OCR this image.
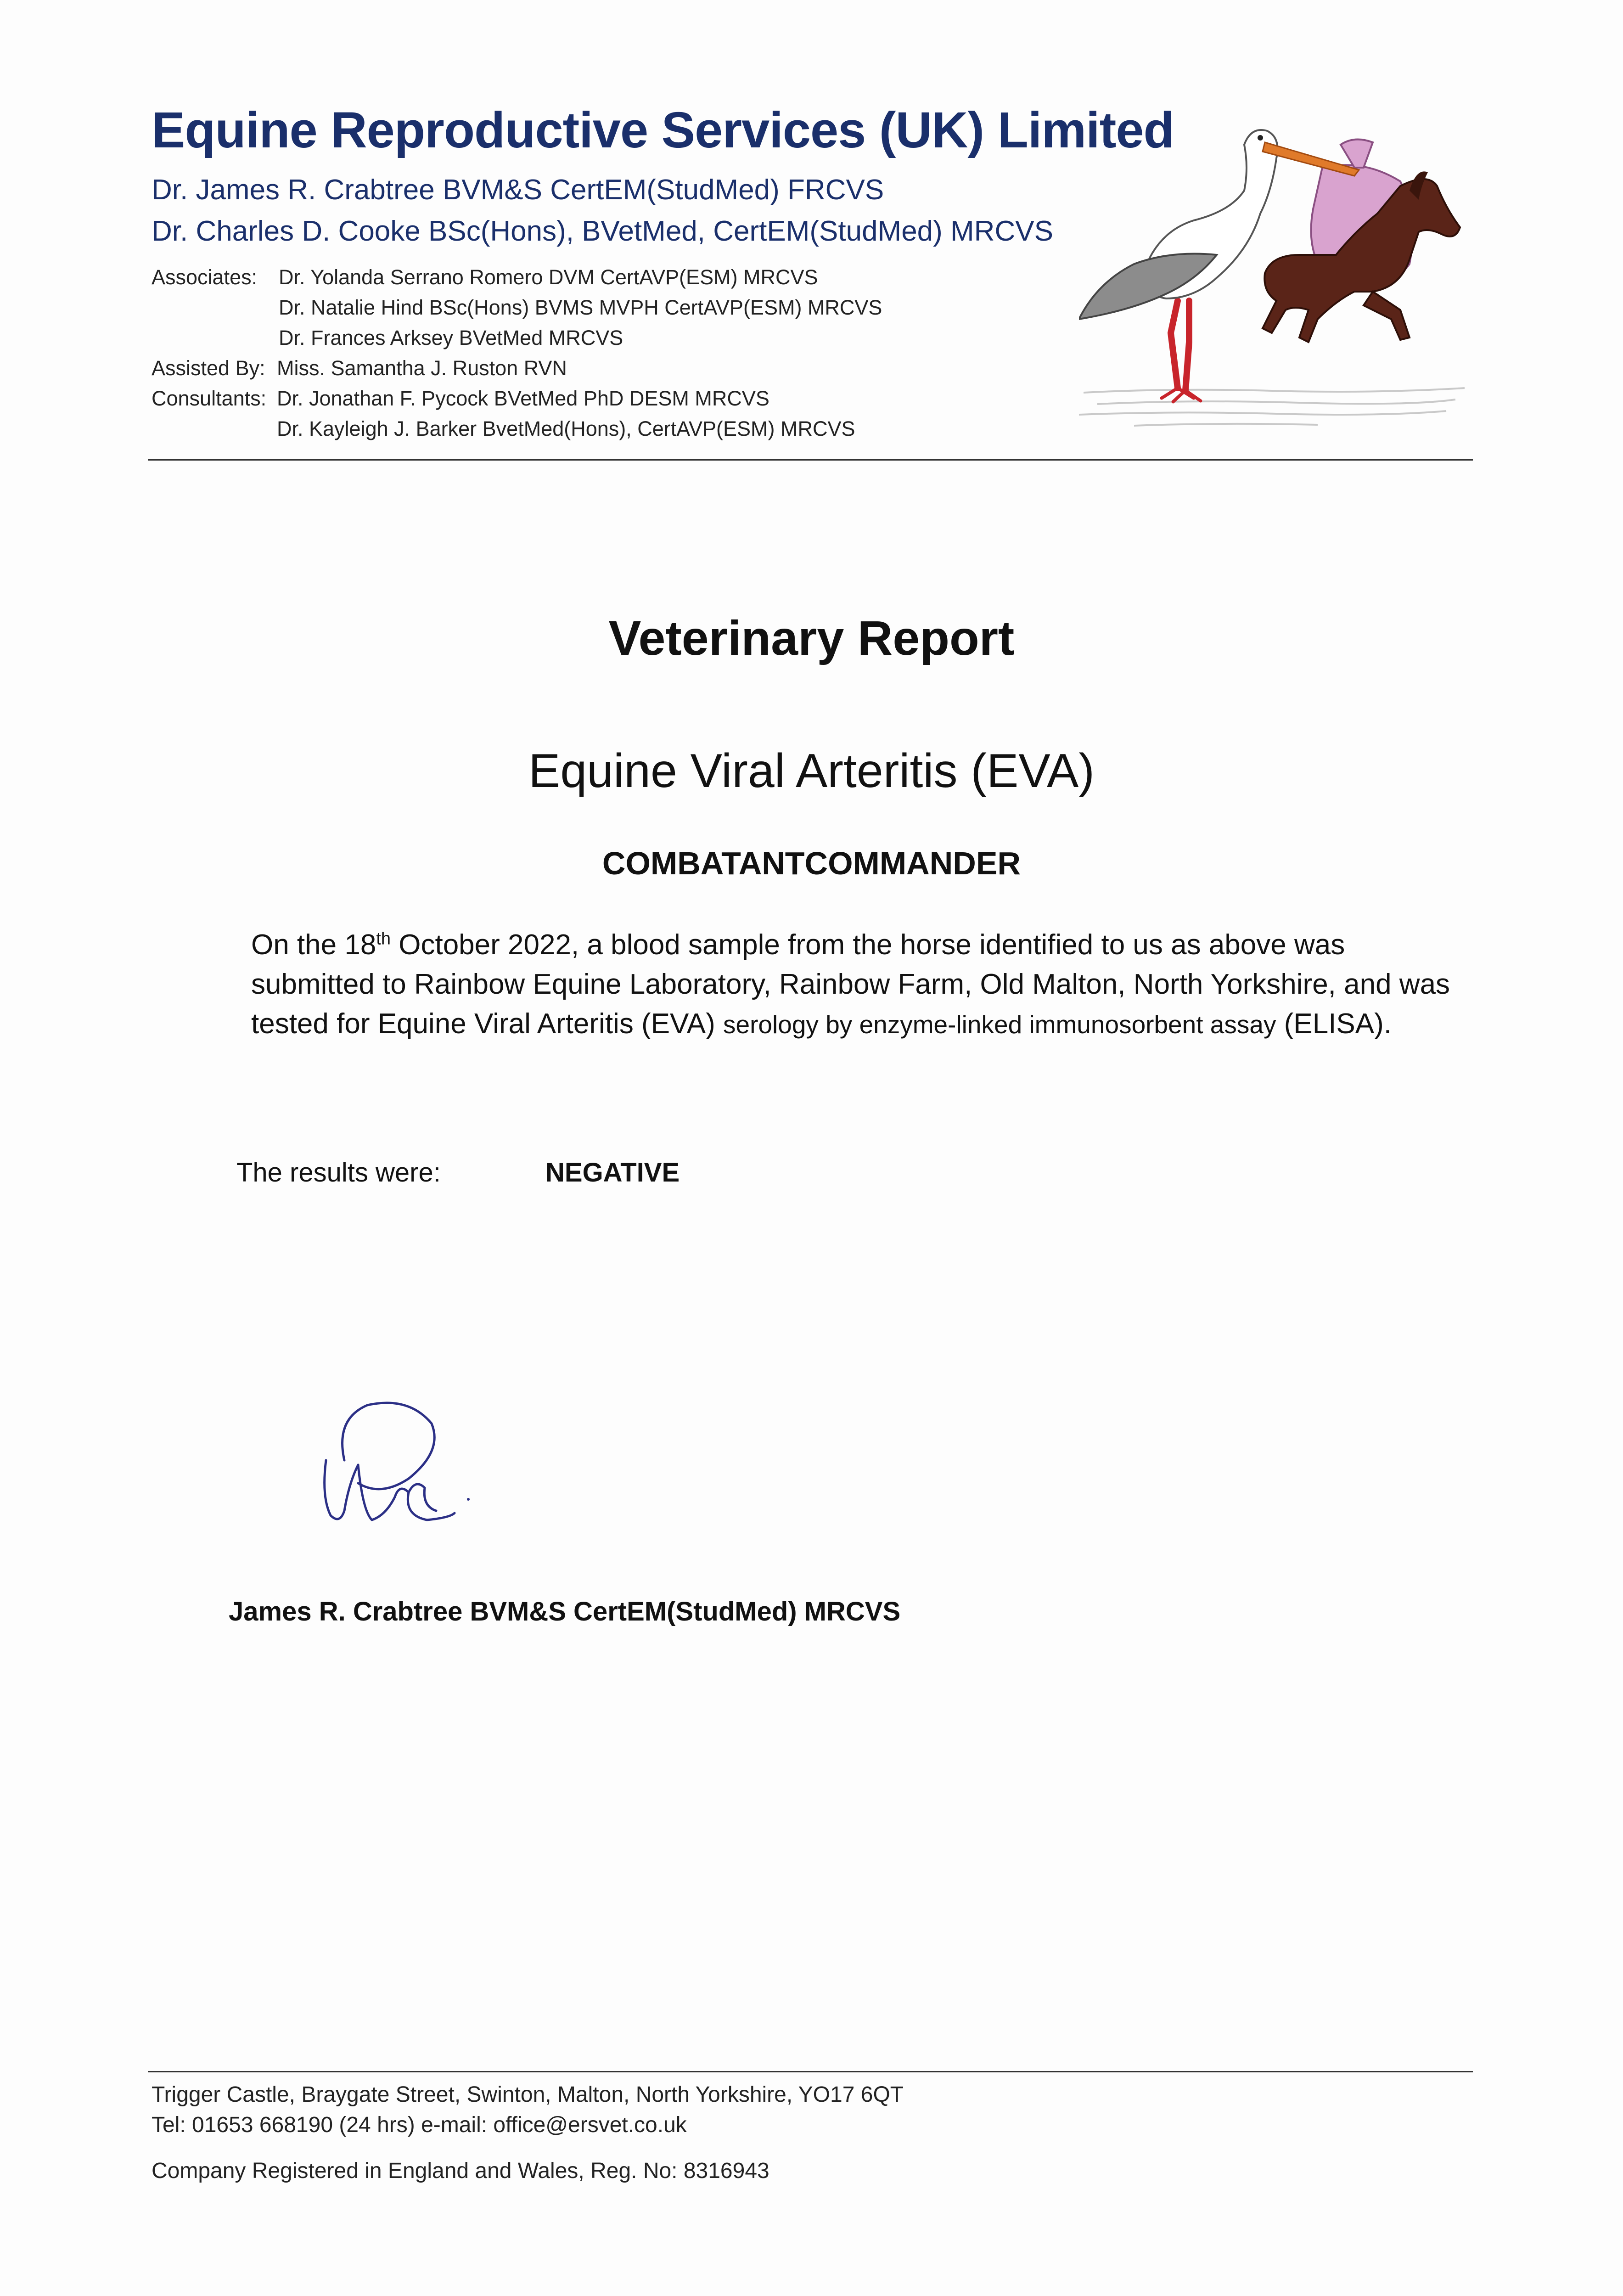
Equine Reproductive Services (UK) Limited
Dr. James R. Crabtree BVM&S CertEM(StudMed) FRCVS
Dr. Charles D. Cooke BSc(Hons), BVetMed, CertEM(StudMed) MRCVS
Associates: Dr. Yolanda Serrano Romero DVM CertAVP(ESM) MRCVS
Dr. Natalie Hind BSc(Hons) BVMS MVPH CertAVP(ESM) MRCVS
Dr. Frances Arksey BVetMed MRCVS
Assisted By: Miss. Samantha J. Ruston RVN
Consultants: Dr. Jonathan F. Pycock BVetMed PhD DESM MRCVS
Dr. Kayleigh J. Barker BvetMed(Hons), CertAVP(ESM) MRCVS
Veterinary Report
Equine Viral Arteritis (EVA)
COMBATANTCOMMANDER
On the 18th October 2022, a blood sample from the horse identified to us as above was submitted to Rainbow Equine Laboratory, Rainbow Farm, Old Malton, North Yorkshire, and was tested for Equine Viral Arteritis (EVA) serology by enzyme-linked immunosorbent assay (ELISA).
The results were:	NEGATIVE
James R. Crabtree BVM&S CertEM(StudMed) MRCVS
Trigger Castle, Braygate Street, Swinton, Malton, North Yorkshire, YO17 6QT
Tel: 01653 668190 (24 hrs) e-mail: office@ersvet.co.uk
Company Registered in England and Wales, Reg. No: 8316943
